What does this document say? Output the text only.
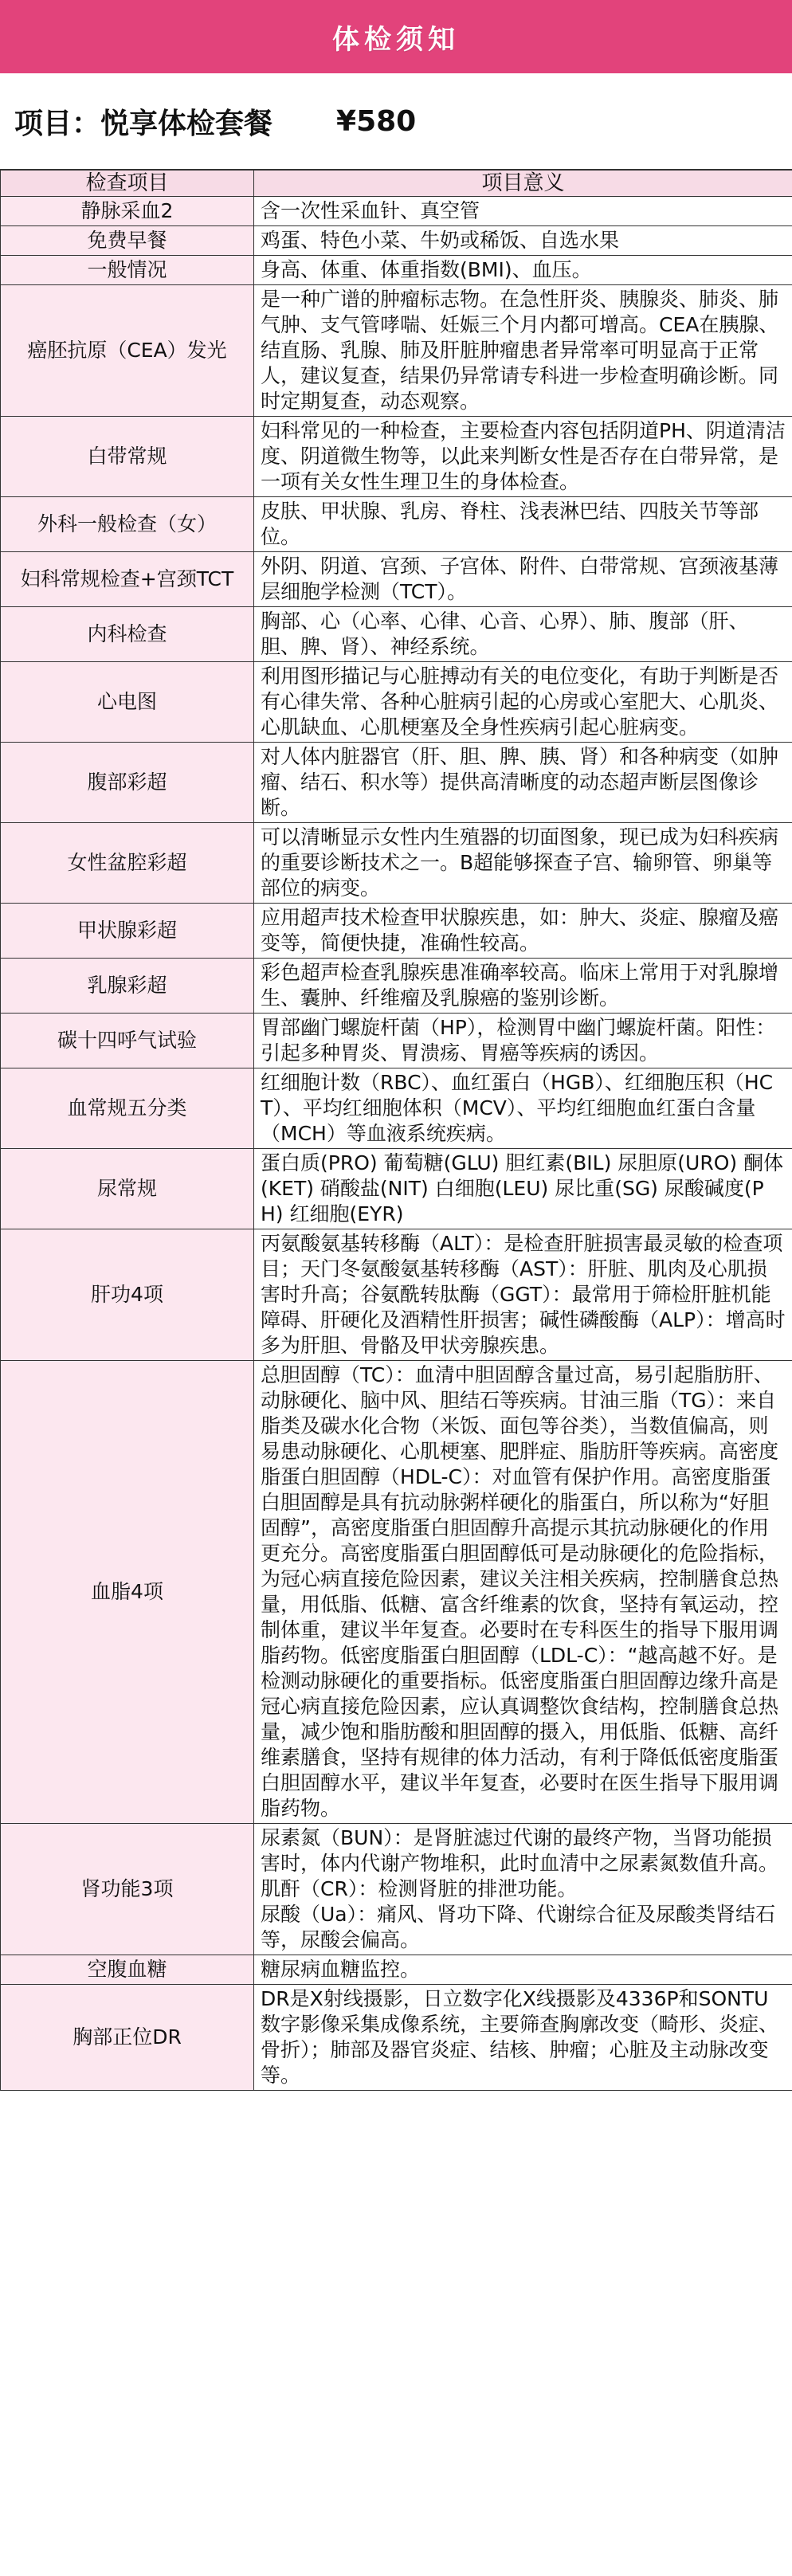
体检须知
项目：悦享体检套餐 ¥580
检查项目	项目意义
静脉采血2	含一次性采血针、真空管
免费早餐	鸡蛋、特色小菜、牛奶或稀饭、自选水果
一般情况	身高、体重、体重指数(BMI)、血压。
癌胚抗原（CEA）发光	是一种广谱的肿瘤标志物。在急性肝炎、胰腺炎、肺炎、肺气肿、支气管哮喘、妊娠三个月内都可增高。CEA在胰腺、结直肠、乳腺、肺及肝脏肿瘤患者异常率可明显高于正常人，建议复查，结果仍异常请专科进一步检查明确诊断。同时定期复查，动态观察。
白带常规	妇科常见的一种检查，主要检查内容包括阴道PH、阴道清洁度、阴道微生物等，以此来判断女性是否存在白带异常，是一项有关女性生理卫生的身体检查。
外科一般检查（女）	皮肤、甲状腺、乳房、脊柱、浅表淋巴结、四肢关节等部位。
妇科常规检查+宫颈TCT	外阴、阴道、宫颈、子宫体、附件、白带常规、宫颈液基薄层细胞学检测（TCT）。
内科检查	胸部、心（心率、心律、心音、心界）、肺、腹部（肝、胆、脾、肾）、神经系统。
心电图	利用图形描记与心脏搏动有关的电位变化，有助于判断是否有心律失常、各种心脏病引起的心房或心室肥大、心肌炎、心肌缺血、心肌梗塞及全身性疾病引起心脏病变。
腹部彩超	对人体内脏器官（肝、胆、脾、胰、肾）和各种病变（如肿瘤、结石、积水等）提供高清晰度的动态超声断层图像诊断。
女性盆腔彩超	可以清晰显示女性内生殖器的切面图象，现已成为妇科疾病的重要诊断技术之一。B超能够探查子宫、输卵管、卵巢等部位的病变。
甲状腺彩超	应用超声技术检查甲状腺疾患，如：肿大、炎症、腺瘤及癌变等，简便快捷，准确性较高。
乳腺彩超	彩色超声检查乳腺疾患准确率较高。临床上常用于对乳腺增生、囊肿、纤维瘤及乳腺癌的鉴别诊断。
碳十四呼气试验	胃部幽门螺旋杆菌（HP），检测胃中幽门螺旋杆菌。阳性：引起多种胃炎、胃溃疡、胃癌等疾病的诱因。
血常规五分类	红细胞计数（RBC）、血红蛋白（HGB）、红细胞压积（HCT）、平均红细胞体积（MCV）、平均红细胞血红蛋白含量（MCH）等血液系统疾病。
尿常规	蛋白质(PRO) 葡萄糖(GLU) 胆红素(BIL) 尿胆原(URO) 酮体(KET) 硝酸盐(NIT) 白细胞(LEU) 尿比重(SG) 尿酸碱度(PH) 红细胞(EYR)
肝功4项	丙氨酸氨基转移酶（ALT）：是检查肝脏损害最灵敏的检查项目；天门冬氨酸氨基转移酶（AST）：肝脏、肌肉及心肌损害时升高；谷氨酰转肽酶（GGT）：最常用于筛检肝脏机能障碍、肝硬化及酒精性肝损害；碱性磷酸酶（ALP）：增高时多为肝胆、骨骼及甲状旁腺疾患。
血脂4项	总胆固醇（TC）：血清中胆固醇含量过高，易引起脂肪肝、动脉硬化、脑中风、胆结石等疾病。甘油三脂（TG）：来自脂类及碳水化合物（米饭、面包等谷类），当数值偏高，则易患动脉硬化、心肌梗塞、肥胖症、脂肪肝等疾病。高密度脂蛋白胆固醇（HDL-C）：对血管有保护作用。高密度脂蛋白胆固醇是具有抗动脉粥样硬化的脂蛋白，所以称为“好胆固醇”，高密度脂蛋白胆固醇升高提示其抗动脉硬化的作用更充分。高密度脂蛋白胆固醇低可是动脉硬化的危险指标，为冠心病直接危险因素，建议关注相关疾病，控制膳食总热量，用低脂、低糖、富含纤维素的饮食，坚持有氧运动，控制体重，建议半年复查。必要时在专科医生的指导下服用调脂药物。低密度脂蛋白胆固醇（LDL-C）：“越高越不好。是检测动脉硬化的重要指标。低密度脂蛋白胆固醇边缘升高是冠心病直接危险因素，应认真调整饮食结构，控制膳食总热量，减少饱和脂肪酸和胆固醇的摄入，用低脂、低糖、高纤维素膳食，坚持有规律的体力活动，有利于降低低密度脂蛋白胆固醇水平，建议半年复查，必要时在医生指导下服用调脂药物。
肾功能3项	尿素氮（BUN）：是肾脏滤过代谢的最终产物，当肾功能损害时，体内代谢产物堆积，此时血清中之尿素氮数值升高。
肌酐（CR）：检测肾脏的排泄功能。
尿酸（Ua）：痛风、肾功下降、代谢综合征及尿酸类肾结石等，尿酸会偏高。

空腹血糖	糖尿病血糖监控。
胸部正位DR	DR是X射线摄影，日立数字化X线摄影及4336P和SONTU数字影像采集成像系统，主要筛查胸廓改变（畸形、炎症、骨折）；肺部及器官炎症、结核、肿瘤；心脏及主动脉改变等。
